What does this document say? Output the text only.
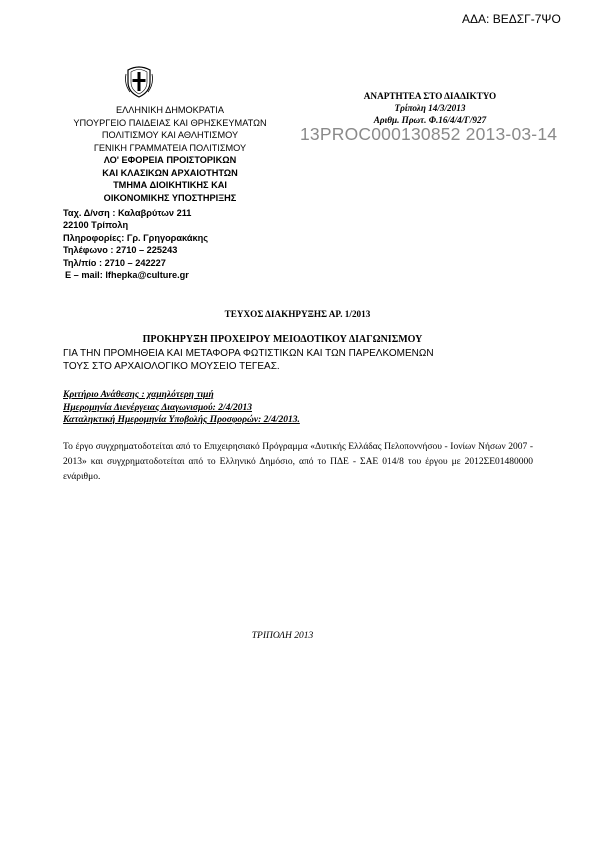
ΑΔΑ: ΒΕΔΣΓ-7ΨΟ
ΕΛΛΗΝΙΚΗ ΔΗΜΟΚΡΑΤΙΑ
ΥΠΟΥΡΓΕΙΟ ΠΑΙΔΕΙΑΣ ΚΑΙ ΘΡΗΣΚΕΥΜΑΤΩΝ
ΠΟΛΙΤΙΣΜΟΥ ΚΑΙ ΑΘΛΗΤΙΣΜΟΥ
ΓΕΝΙΚΗ ΓΡΑΜΜΑΤΕΙΑ ΠΟΛΙΤΙΣΜΟΥ
ΛΟ' ΕΦΟΡΕΙΑ ΠΡΟΙΣΤΟΡΙΚΩΝ
ΚΑΙ ΚΛΑΣΙΚΩΝ ΑΡΧΑΙΟΤΗΤΩΝ
ΤΜΗΜΑ ΔΙΟΙΚΗΤΙΚΗΣ ΚΑΙ
ΟΙΚΟΝΟΜΙΚΗΣ ΥΠΟΣΤΗΡΙΞΗΣ
Ταχ. Δ/νση : Καλαβρύτων 211
22100 Τρίπολη
Πληροφορίες: Γρ. Γρηγορακάκης
Τηλέφωνο : 2710 – 225243
Τηλ/πίο : 2710 – 242227
E – mail: lfhepka@culture.gr
ΑΝΑΡΤΗΤΕΑ ΣΤΟ ΔΙΑΔΙΚΤΥΟ
Τρίπολη 14/3/2013
Αριθμ. Πρωτ. Φ.16/4/4/Γ/927
13PROC000130852 2013-03-14
ΤΕΥΧΟΣ ΔΙΑΚΗΡΥΞΗΣ ΑΡ. 1/2013
ΠΡΟΚΗΡΥΞΗ ΠΡΟΧΕΙΡΟΥ ΜΕΙΟΔΟΤΙΚΟΥ ΔΙΑΓΩΝΙΣΜΟΥ
ΓΙΑ ΤΗΝ ΠΡΟΜΗΘΕΙΑ ΚΑΙ ΜΕΤΑΦΟΡΑ ΦΩΤΙΣΤΙΚΩΝ ΚΑΙ ΤΩΝ ΠΑΡΕΛΚΟΜΕΝΩΝ
ΤΟΥΣ ΣΤΟ ΑΡΧΑΙΟΛΟΓΙΚΟ ΜΟΥΣΕΙΟ ΤΕΓΕΑΣ.
Κριτήριο Ανάθεσης : χαμηλότερη τιμή
Ημερομηνία Διενέργειας Διαγωνισμού: 2/4/2013
Καταληκτική Ημερομηνία Υποβολής Προσφορών: 2/4/2013.
Το έργο συγχρηματοδοτείται από το Επιχειρησιακό Πρόγραμμα «Δυτικής Ελλάδας Πελοποννήσου - Ιονίων Νήσων 2007 - 2013» και συγχρηματοδοτείται από το Ελληνικό Δημόσιο, από το ΠΔΕ - ΣΑΕ 014/8 του έργου με 2012ΣΕ01480000 ενάριθμο.
ΤΡΙΠΟΛΗ 2013
